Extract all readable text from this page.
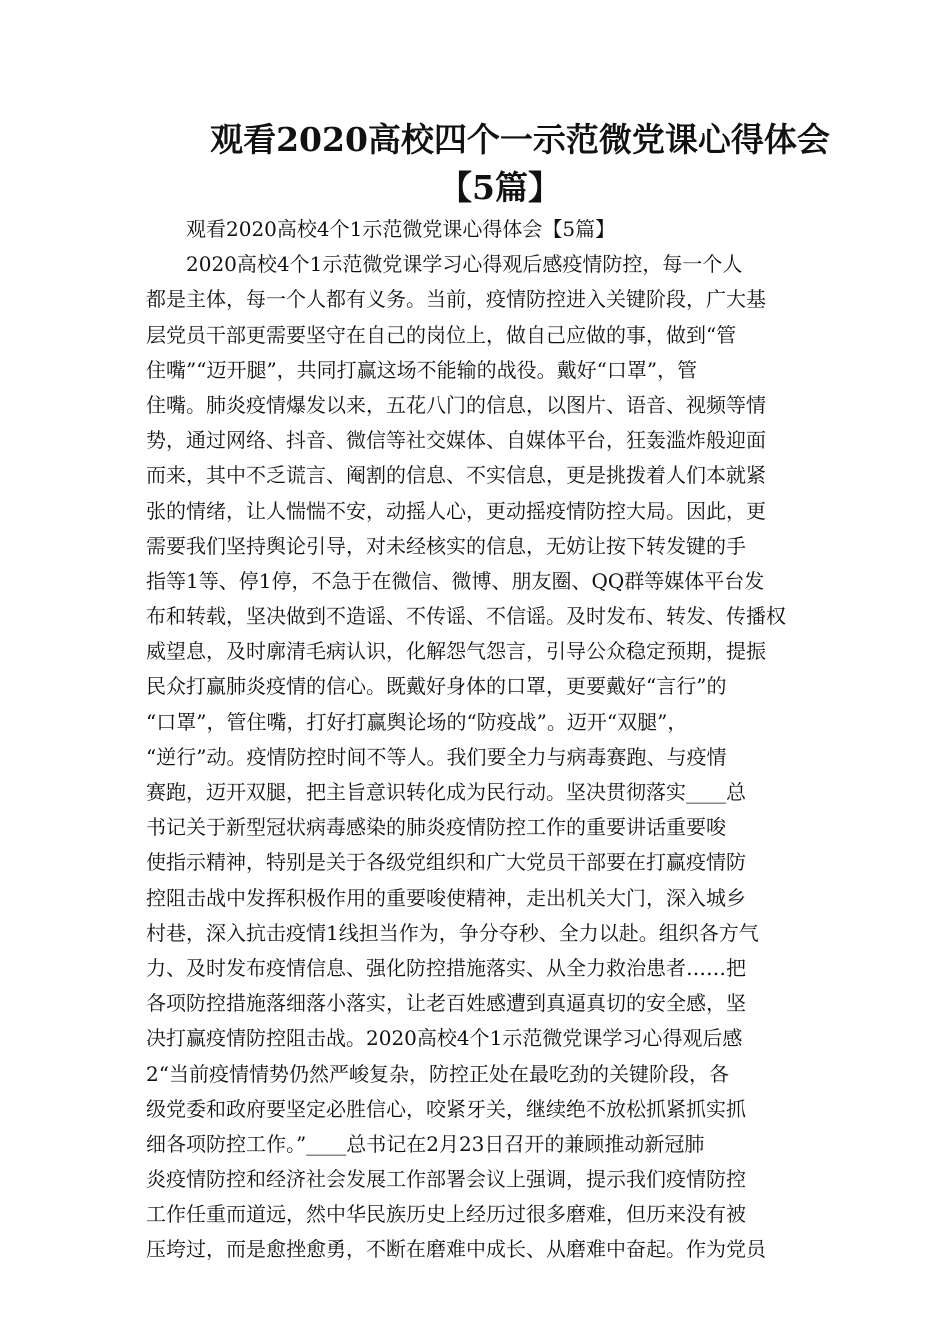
观看2020高校四个一示范微党课心得体会
【5篇】
观看2020高校4个1示范微党课心得体会【5篇】
2020高校4个1示范微党课学习心得观后感疫情防控，每一个人
都是主体，每一个人都有义务。当前，疫情防控进入关键阶段，广大基
层党员干部更需要坚守在自己的岗位上，做自己应做的事，做到“管
住嘴”“迈开腿”，共同打赢这场不能输的战役。戴好“口罩”，管
住嘴。肺炎疫情爆发以来，五花八门的信息，以图片、语音、视频等情
势，通过网络、抖音、微信等社交媒体、自媒体平台，狂轰滥炸般迎面
而来，其中不乏谎言、阉割的信息、不实信息，更是挑拨着人们本就紧
张的情绪，让人惴惴不安，动摇人心，更动摇疫情防控大局。因此，更
需要我们坚持舆论引导，对未经核实的信息，无妨让按下转发键的手
指等1等、停1停，不急于在微信、微博、朋友圈、QQ群等媒体平台发
布和转载，坚决做到不造谣、不传谣、不信谣。及时发布、转发、传播权
威望息，及时廓清毛病认识，化解怨气怨言，引导公众稳定预期，提振
民众打赢肺炎疫情的信心。既戴好身体的口罩，更要戴好“言行”的
“口罩”，管住嘴，打好打赢舆论场的“防疫战”。迈开“双腿”，
“逆行”动。疫情防控时间不等人。我们要全力与病毒赛跑、与疫情
赛跑，迈开双腿，把主旨意识转化成为民行动。坚决贯彻落实____总
书记关于新型冠状病毒感染的肺炎疫情防控工作的重要讲话重要唆
使指示精神，特别是关于各级党组织和广大党员干部要在打赢疫情防
控阻击战中发挥积极作用的重要唆使精神，走出机关大门，深入城乡
村巷，深入抗击疫情1线担当作为，争分夺秒、全力以赴。组织各方气
力、及时发布疫情信息、强化防控措施落实、从全力救治患者……把
各项防控措施落细落小落实，让老百姓感遭到真逼真切的安全感，坚
决打赢疫情防控阻击战。2020高校4个1示范微党课学习心得观后感
2“当前疫情情势仍然严峻复杂，防控正处在最吃劲的关键阶段，各
级党委和政府要坚定必胜信心，咬紧牙关，继续绝不放松抓紧抓实抓
细各项防控工作。”____总书记在2月23日召开的兼顾推动新冠肺
炎疫情防控和经济社会发展工作部署会议上强调，提示我们疫情防控
工作任重而道远，然中华民族历史上经历过很多磨难，但历来没有被
压垮过，而是愈挫愈勇，不断在磨难中成长、从磨难中奋起。作为党员
